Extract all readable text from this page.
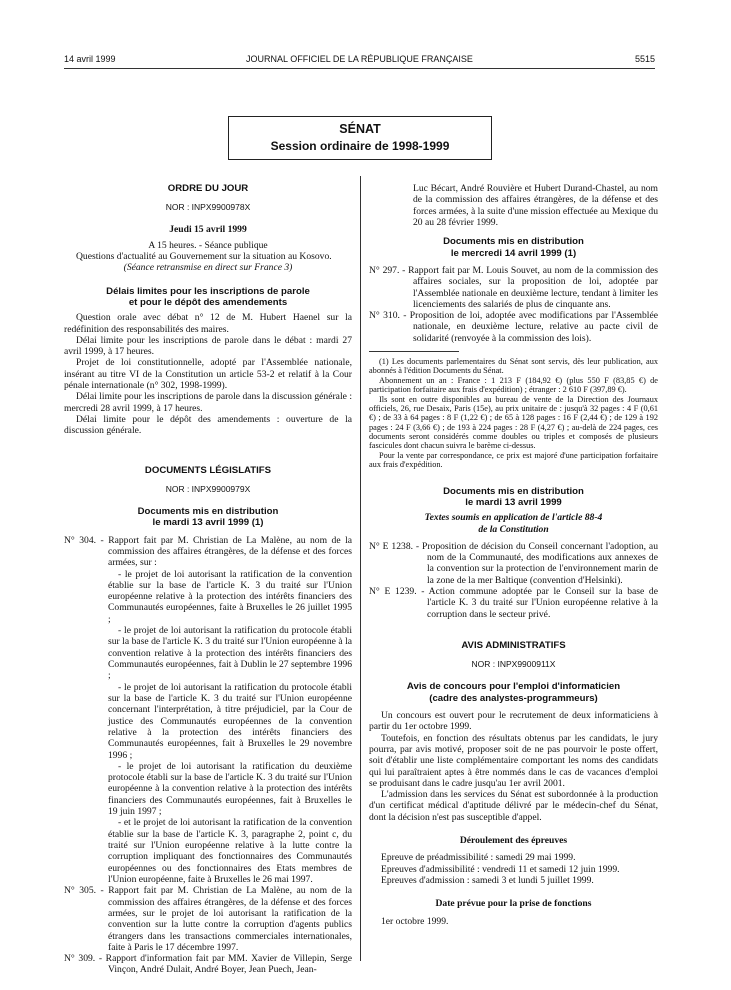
14 avril 1999	JOURNAL OFFICIEL DE LA RÉPUBLIQUE FRANÇAISE	5515
SÉNAT
Session ordinaire de 1998-1999

ORDRE DU JOUR

NOR : INPX9900978X

Jeudi 15 avril 1999

A 15 heures. - Séance publique

Questions d'actualité au Gouvernement sur la situation au Kosovo.

(Séance retransmise en direct sur France 3)

Délais limites pour les inscriptions de parole

et pour le dépôt des amendements

Question orale avec débat n° 12 de M. Hubert Haenel sur la redéfinition des responsabilités des maires.

Délai limite pour les inscriptions de parole dans le débat : mardi 27 avril 1999, à 17 heures.

Projet de loi constitutionnelle, adopté par l'Assemblée nationale, insérant au titre VI de la Constitution un article 53-2 et relatif à la Cour pénale internationale (n° 302, 1998-1999).

Délai limite pour les inscriptions de parole dans la discussion générale : mercredi 28 avril 1999, à 17 heures.

Délai limite pour le dépôt des amendements : ouverture de la discussion générale.

DOCUMENTS LÉGISLATIFS

NOR : INPX9900979X

Documents mis en distribution

le mardi 13 avril 1999 (1)

N° 304. - Rapport fait par M. Christian de La Malène, au nom de la commission des affaires étrangères, de la défense et des forces armées, sur :

- le projet de loi autorisant la ratification de la convention établie sur la base de l'article K. 3 du traité sur l'Union européenne relative à la protection des intérêts financiers des Communautés européennes, faite à Bruxelles le 26 juillet 1995 ;

- le projet de loi autorisant la ratification du protocole établi sur la base de l'article K. 3 du traité sur l'Union européenne à la convention relative à la protection des intérêts financiers des Communautés européennes, fait à Dublin le 27 septembre 1996 ;

- le projet de loi autorisant la ratification du protocole établi sur la base de l'article K. 3 du traité sur l'Union européenne concernant l'interprétation, à titre préjudiciel, par la Cour de justice des Communautés européennes de la convention relative à la protection des intérêts financiers des Communautés européennes, fait à Bruxelles le 29 novembre 1996 ;

- le projet de loi autorisant la ratification du deuxième protocole établi sur la base de l'article K. 3 du traité sur l'Union européenne à la convention relative à la protection des intérêts financiers des Communautés européennes, fait à Bruxelles le 19 juin 1997 ;

- et le projet de loi autorisant la ratification de la convention établie sur la base de l'article K. 3, paragraphe 2, point c, du traité sur l'Union européenne relative à la lutte contre la corruption impliquant des fonctionnaires des Communautés européennes ou des fonctionnaires des Etats membres de l'Union européenne, faite à Bruxelles le 26 mai 1997.

N° 305. - Rapport fait par M. Christian de La Malène, au nom de la commission des affaires étrangères, de la défense et des forces armées, sur le projet de loi autorisant la ratification de la convention sur la lutte contre la corruption d'agents publics étrangers dans les transactions commerciales internationales, faite à Paris le 17 décembre 1997.

N° 309. - Rapport d'information fait par MM. Xavier de Villepin, Serge Vinçon, André Dulait, André Boyer, Jean Puech, Jean-

Luc Bécart, André Rouvière et Hubert Durand-Chastel, au nom de la commission des affaires étrangères, de la défense et des forces armées, à la suite d'une mission effectuée au Mexique du 20 au 28 février 1999.

Documents mis en distribution

le mercredi 14 avril 1999 (1)

N° 297. - Rapport fait par M. Louis Souvet, au nom de la commission des affaires sociales, sur la proposition de loi, adoptée par l'Assemblée nationale en deuxième lecture, tendant à limiter les licenciements des salariés de plus de cinquante ans.

N° 310. - Proposition de loi, adoptée avec modifications par l'Assemblée nationale, en deuxième lecture, relative au pacte civil de solidarité (renvoyée à la commission des lois).

(1) Les documents parlementaires du Sénat sont servis, dès leur publication, aux abonnés à l'édition Documents du Sénat.

Abonnement un an : France : 1 213 F (184,92 €) (plus 550 F (83,85 €) de participation forfaitaire aux frais d'expédition) ; étranger : 2 610 F (397,89 €).

Ils sont en outre disponibles au bureau de vente de la Direction des Journaux officiels, 26, rue Desaix, Paris (15e), au prix unitaire de : jusqu'à 32 pages : 4 F (0,61 €) ; de 33 à 64 pages : 8 F (1,22 €) ; de 65 à 128 pages : 16 F (2,44 €) ; de 129 à 192 pages : 24 F (3,66 €) ; de 193 à 224 pages : 28 F (4,27 €) ; au-delà de 224 pages, ces documents seront considérés comme doubles ou triples et composés de plusieurs fascicules dont chacun suivra le barème ci-dessus.

Pour la vente par correspondance, ce prix est majoré d'une participation forfaitaire aux frais d'expédition.

Documents mis en distribution

le mardi 13 avril 1999

Textes soumis en application de l'article 88-4

de la Constitution

N° E 1238. - Proposition de décision du Conseil concernant l'adoption, au nom de la Communauté, des modifications aux annexes de la convention sur la protection de l'environnement marin de la zone de la mer Baltique (convention d'Helsinki).

N° E 1239. - Action commune adoptée par le Conseil sur la base de l'article K. 3 du traité sur l'Union européenne relative à la corruption dans le secteur privé.

AVIS ADMINISTRATIFS

NOR : INPX9900911X

Avis de concours pour l'emploi d'informaticien

(cadre des analystes-programmeurs)

Un concours est ouvert pour le recrutement de deux informaticiens à partir du 1er octobre 1999.

Toutefois, en fonction des résultats obtenus par les candidats, le jury pourra, par avis motivé, proposer soit de ne pas pourvoir le poste offert, soit d'établir une liste complémentaire comportant les noms des candidats qui lui paraîtraient aptes à être nommés dans le cas de vacances d'emploi se produisant dans le cadre jusqu'au 1er avril 2001.

L'admission dans les services du Sénat est subordonnée à la production d'un certificat médical d'aptitude délivré par le médecin-chef du Sénat, dont la décision n'est pas susceptible d'appel.

Déroulement des épreuves

Epreuve de préadmissibilité : samedi 29 mai 1999.

Epreuves d'admissibilité : vendredi 11 et samedi 12 juin 1999.

Epreuves d'admission : samedi 3 et lundi 5 juillet 1999.

Date prévue pour la prise de fonctions

1er octobre 1999.
